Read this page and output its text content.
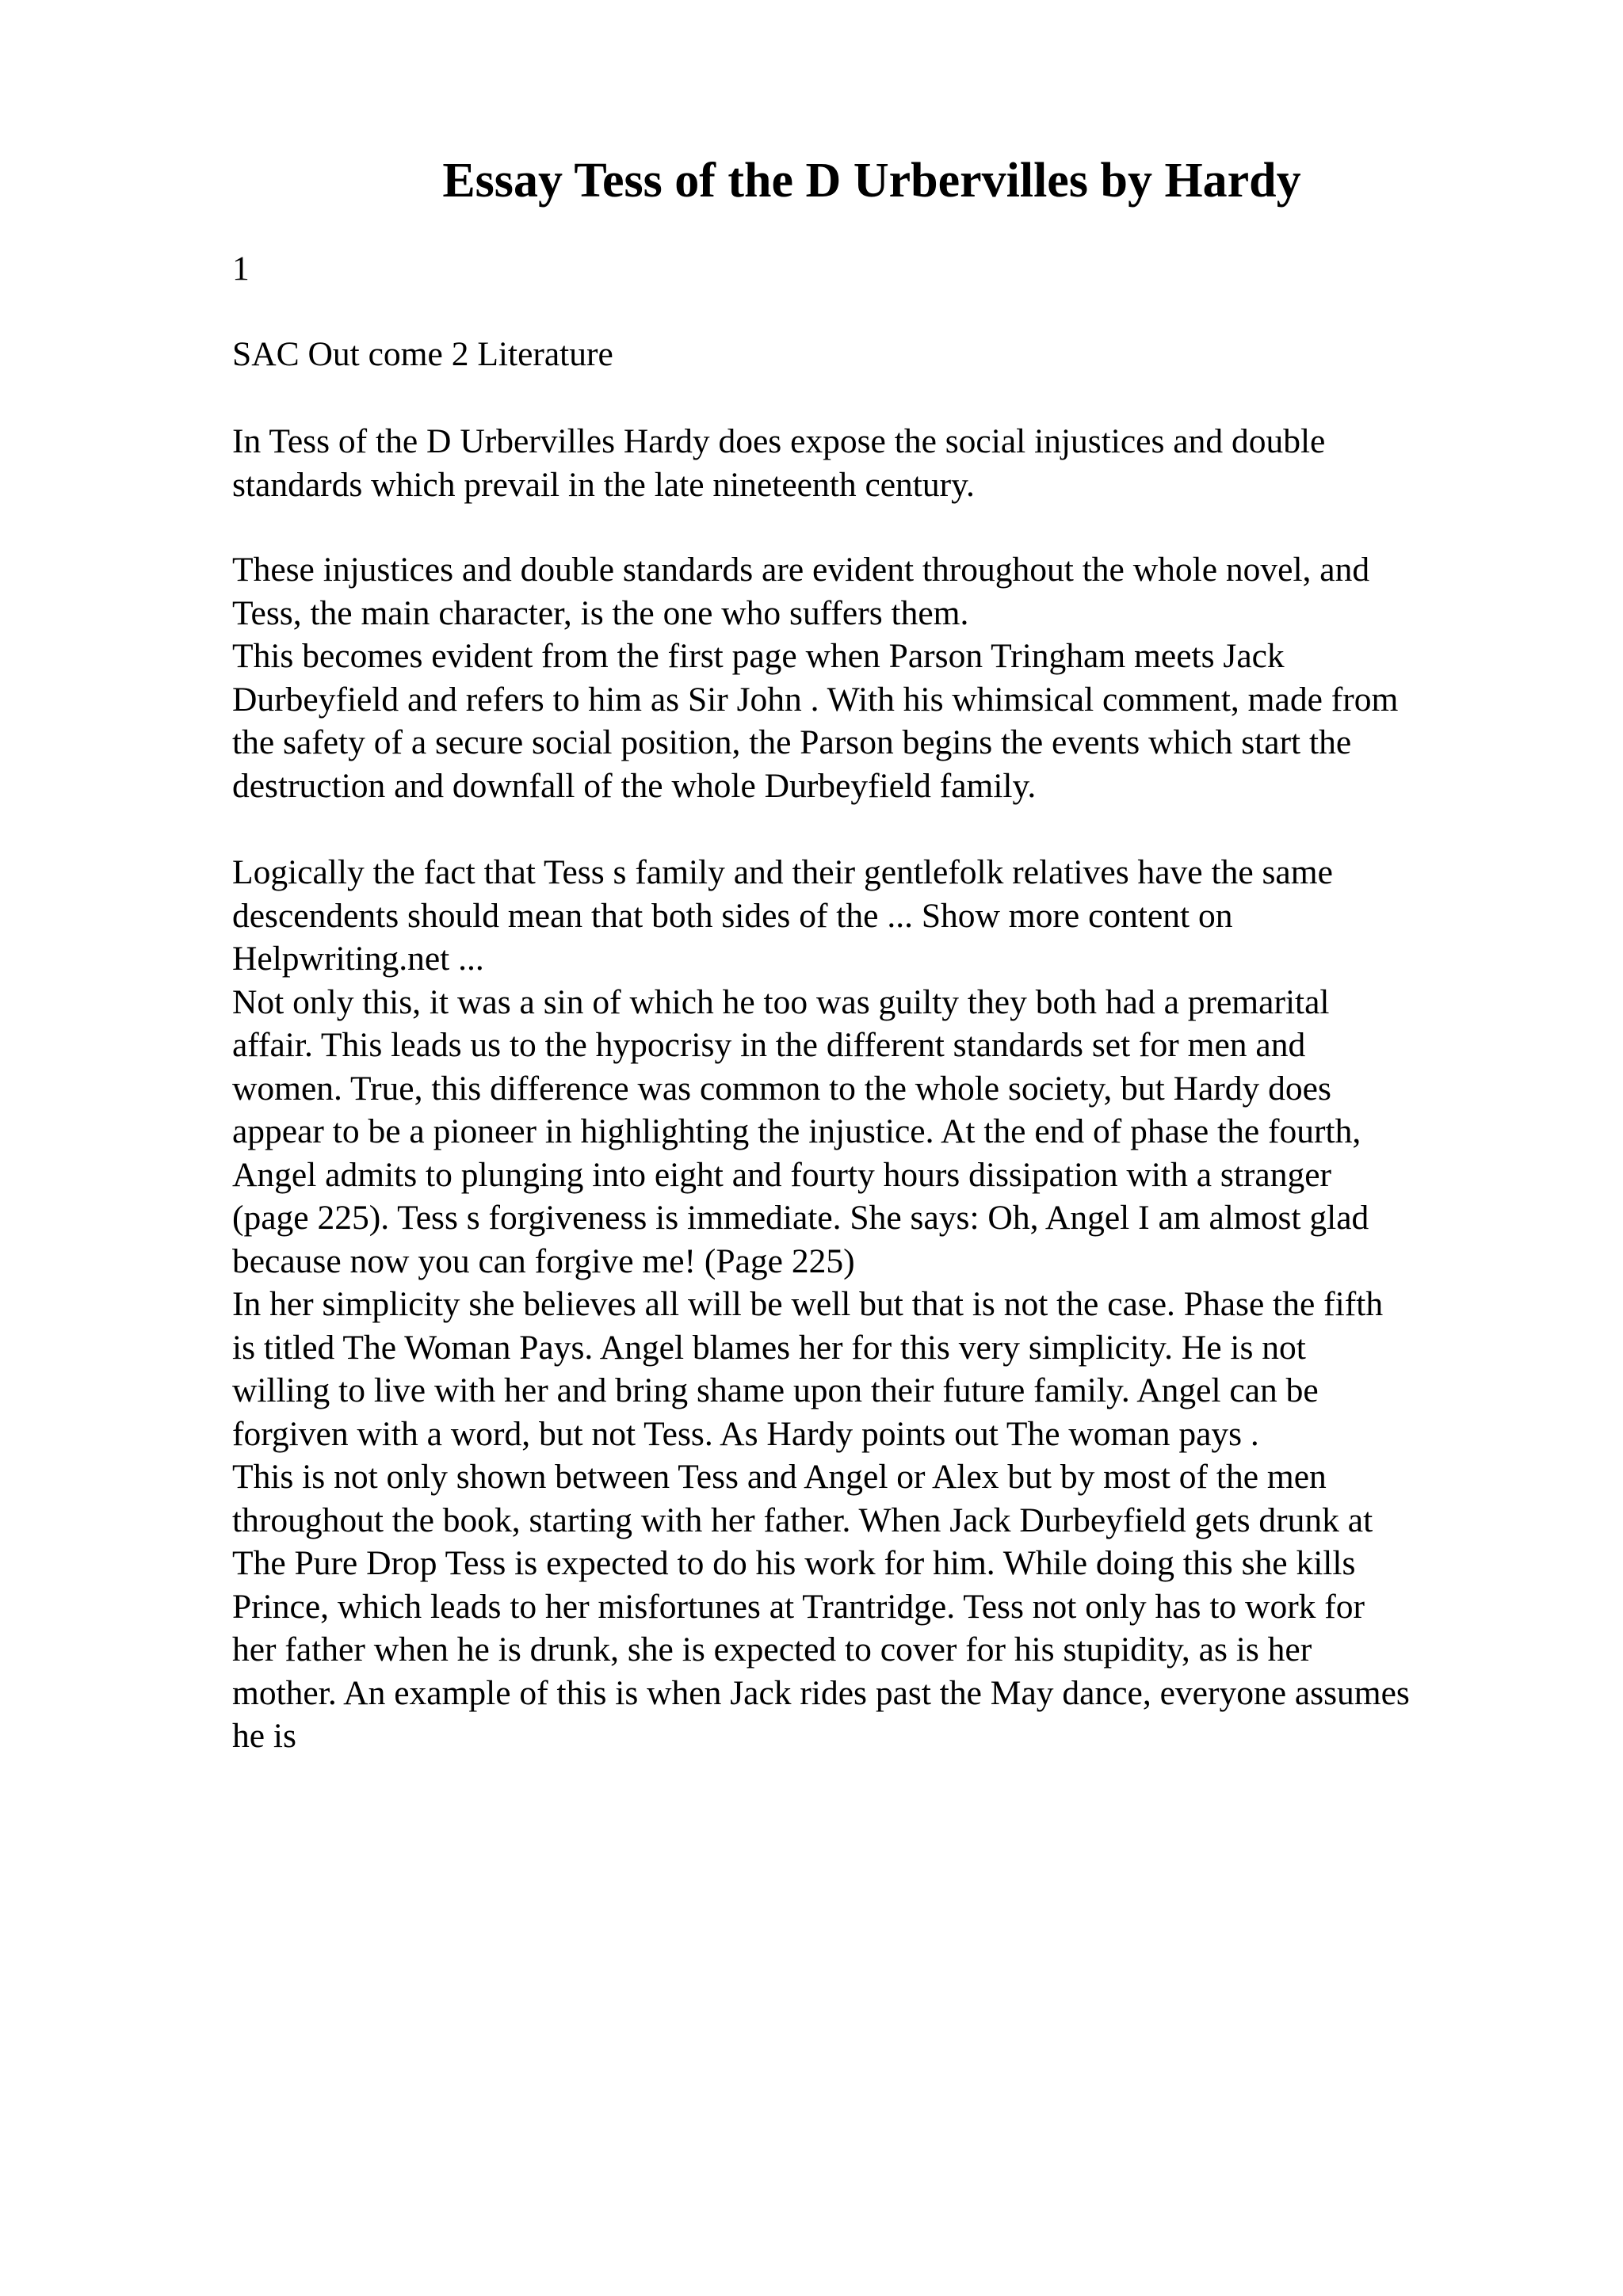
Essay Tess of the D Urbervilles by Hardy

1

SAC Out come 2 Literature

In Tess of the D Urbervilles Hardy does expose the social injustices and double
standards which prevail in the late nineteenth century.

These injustices and double standards are evident throughout the whole novel, and
Tess, the main character, is the one who suffers them.
This becomes evident from the first page when Parson Tringham meets Jack
Durbeyfield and refers to him as Sir John . With his whimsical comment, made from
the safety of a secure social position, the Parson begins the events which start the
destruction and downfall of the whole Durbeyfield family.

Logically the fact that Tess s family and their gentlefolk relatives have the same
descendents should mean that both sides of the ... Show more content on
Helpwriting.net ...
Not only this, it was a sin of which he too was guilty they both had a premarital
affair. This leads us to the hypocrisy in the different standards set for men and
women. True, this difference was common to the whole society, but Hardy does
appear to be a pioneer in highlighting the injustice. At the end of phase the fourth,
Angel admits to plunging into eight and fourty hours dissipation with a stranger
(page 225). Tess s forgiveness is immediate. She says: Oh, Angel I am almost glad
because now you can forgive me! (Page 225)
In her simplicity she believes all will be well but that is not the case. Phase the fifth
is titled The Woman Pays. Angel blames her for this very simplicity. He is not
willing to live with her and bring shame upon their future family. Angel can be
forgiven with a word, but not Tess. As Hardy points out The woman pays .
This is not only shown between Tess and Angel or Alex but by most of the men
throughout the book, starting with her father. When Jack Durbeyfield gets drunk at
The Pure Drop Tess is expected to do his work for him. While doing this she kills
Prince, which leads to her misfortunes at Trantridge. Tess not only has to work for
her father when he is drunk, she is expected to cover for his stupidity, as is her
mother. An example of this is when Jack rides past the May dance, everyone assumes
he is
